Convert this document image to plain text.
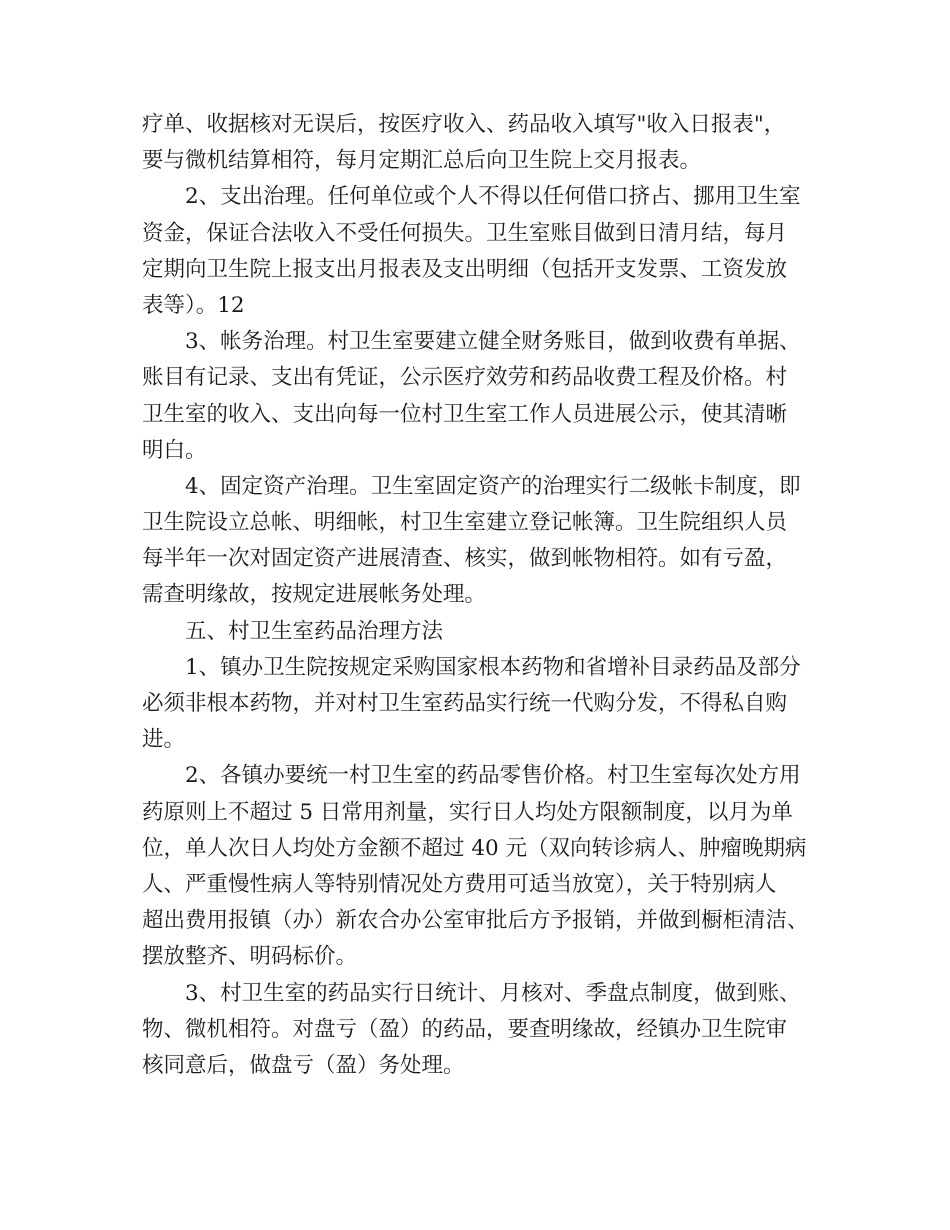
疗单、收据核对无误后，按医疗收入、药品收入填写"收入日报表"，
要与微机结算相符，每月定期汇总后向卫生院上交月报表。
2、支出治理。任何单位或个人不得以任何借口挤占、挪用卫生室
资金，保证合法收入不受任何损失。卫生室账目做到日清月结，每月
定期向卫生院上报支出月报表及支出明细（包括开支发票、工资发放
表等）。12
3、帐务治理。村卫生室要建立健全财务账目，做到收费有单据、
账目有记录、支出有凭证，公示医疗效劳和药品收费工程及价格。村
卫生室的收入、支出向每一位村卫生室工作人员进展公示，使其清晰
明白。
4、固定资产治理。卫生室固定资产的治理实行二级帐卡制度，即
卫生院设立总帐、明细帐，村卫生室建立登记帐簿。卫生院组织人员
每半年一次对固定资产进展清查、核实，做到帐物相符。如有亏盈，
需查明缘故，按规定进展帐务处理。
五、村卫生室药品治理方法
1、镇办卫生院按规定采购国家根本药物和省增补目录药品及部分
必须非根本药物，并对村卫生室药品实行统一代购分发，不得私自购
进。
2、各镇办要统一村卫生室的药品零售价格。村卫生室每次处方用
药原则上不超过 5 日常用剂量，实行日人均处方限额制度，以月为单
位，单人次日人均处方金额不超过 40 元（双向转诊病人、肿瘤晚期病
人、严重慢性病人等特别情况处方费用可适当放宽），关于特别病人
超出费用报镇（办）新农合办公室审批后方予报销，并做到橱柜清洁、
摆放整齐、明码标价。
3、村卫生室的药品实行日统计、月核对、季盘点制度，做到账、
物、微机相符。对盘亏（盈）的药品，要查明缘故，经镇办卫生院审
核同意后，做盘亏（盈）务处理。
